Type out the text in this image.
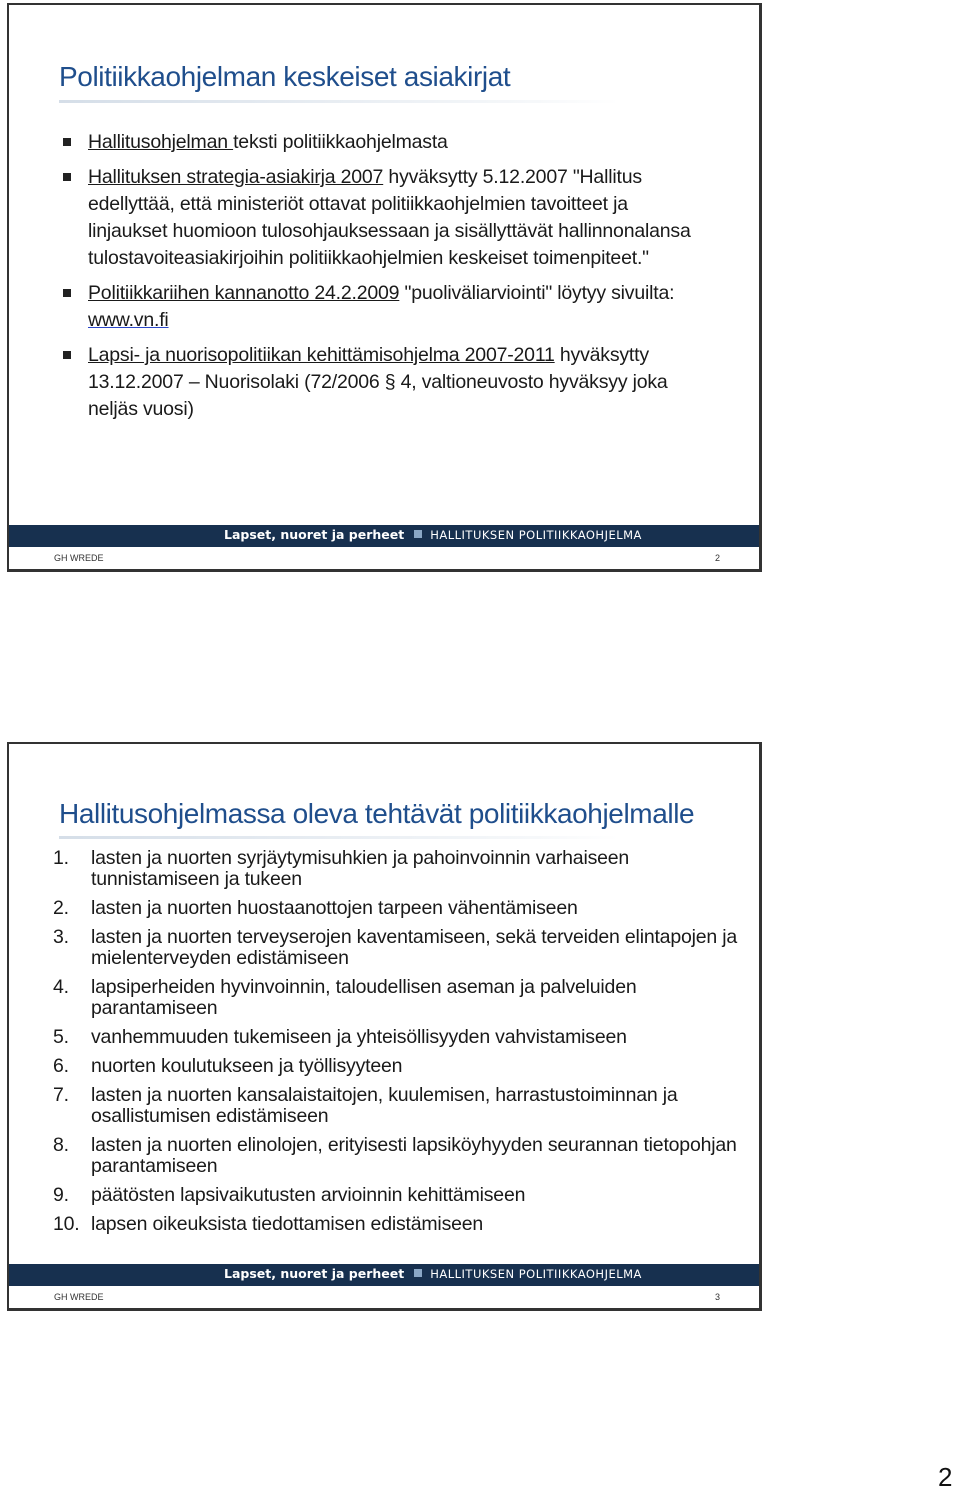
Politiikkaohjelman keskeiset asiakirjat
Hallitusohjelman teksti politiikkaohjelmasta
Hallituksen strategia-asiakirja 2007 hyväksytty 5.12.2007 "Hallitus edellyttää, että ministeriöt ottavat politiikkaohjelmien tavoitteet ja linjaukset huomioon tulosohjauksessaan ja sisällyttävät hallinnonalansa tulostavoiteasiakirjoihin politiikkaohjelmien keskeiset toimenpiteet."
Politiikkariihen kannanotto 24.2.2009 "puoliväliarviointi" löytyy sivuilta: www.vn.fi
Lapsi- ja nuorisopolitiikan kehittämisohjelma 2007-2011 hyväksytty 13.12.2007 – Nuorisolaki (72/2006 § 4, valtioneuvosto hyväksyy joka neljäs vuosi)
Lapset, nuoret ja perheet HALLITUKSEN POLITIIKKAOHJELMA
GH WREDE	2
Hallitusohjelmassa oleva tehtävät politiikkaohjelmalle
1. lasten ja nuorten syrjäytymisuhkien ja pahoinvoinnin varhaiseen tunnistamiseen ja tukeen
2. lasten ja nuorten huostaanottojen tarpeen vähentämiseen
3. lasten ja nuorten terveyserojen kaventamiseen, sekä terveiden elintapojen ja mielenterveyden edistämiseen
4. lapsiperheiden hyvinvoinnin, taloudellisen aseman ja palveluiden parantamiseen
5. vanhemmuuden tukemiseen ja yhteisöllisyyden vahvistamiseen
6. nuorten koulutukseen ja työllisyyteen
7. lasten ja nuorten kansalaistaitojen, kuulemisen, harrastustoiminnan ja osallistumisen edistämiseen
8. lasten ja nuorten elinolojen, erityisesti lapsiköyhyyden seurannan tietopohjan parantamiseen
9. päätösten lapsivaikutusten arvioinnin kehittämiseen
10. lapsen oikeuksista tiedottamisen edistämiseen
Lapset, nuoret ja perheet HALLITUKSEN POLITIIKKAOHJELMA
GH WREDE	3
2
